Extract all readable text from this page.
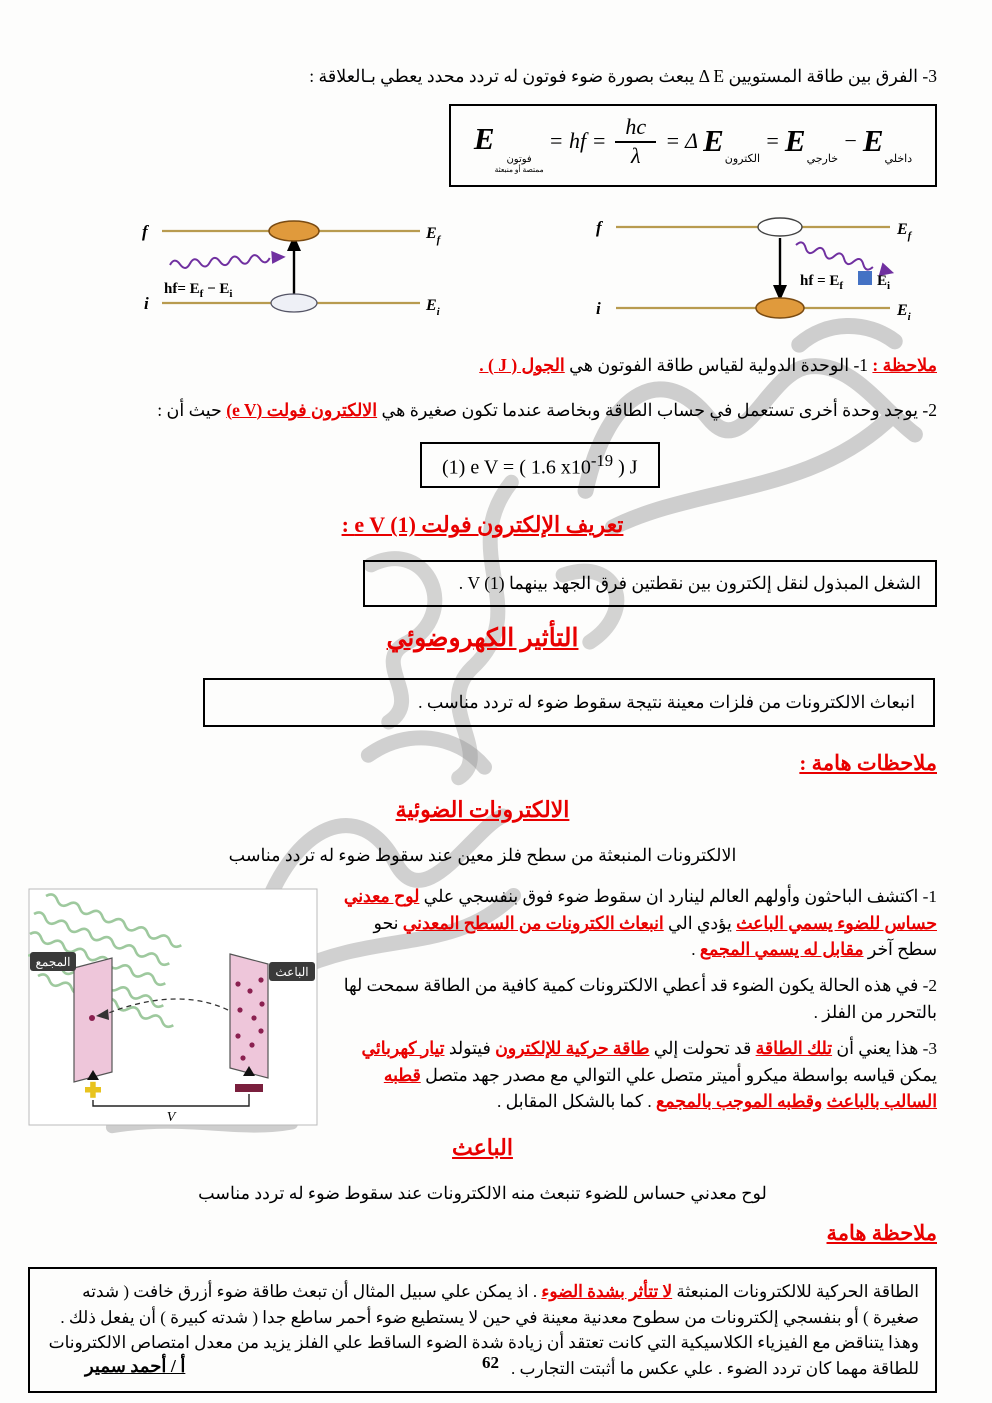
3- الفرق بين طاقة المستويين Δ E يبعث بصورة ضوء فوتون له تردد محدد يعطي بـالعلاقة :

E
فوتون
ممتصة أو منبعثة
= hf = $\frac{hc}{\lambda} = \Delta$ E
الكترون
= E
خارجي
− E
داخلي
f	$E_f$
i	$E_i$
$hf= E_f - E_i$
f	$E_f$
i	$E_i$
hf = $E_f$ $E_i$

ملاحظة : 1- الوحدة الدولية لقياس طاقة الفوتون هي الجول ( J ) .

2- يوجد وحدة أخرى تستعمل في حساب الطاقة وبخاصة عندما تكون صغيرة هي الالكترون فولت (e V) حيث أن :

(1) e V = ( 1.6 $x10^{-19}$ ) J
تعريف الإلكترون فولت e V (1) :
الشغل المبذول لنقل إلكترون بين نقطتين فرق الجهد بينهما V (1) .
التأثير الكهروضوئي
انبعاث الالكترونات من فلزات معينة نتيجة سقوط ضوء له تردد مناسب .
ملاحظات هامة :
الالكترونات الضوئية

الالكترونات المنبعثة من سطح فلز معين عند سقوط ضوء له تردد مناسب

المجمع
الباعث
V

1- اكتشف الباحثون وأولهم العالم لينارد ان سقوط ضوء فوق بنفسجي علي لوح معدني حساس للضوء يسمي الباعث يؤدي الي انبعاث الكترونات من السطح المعدني نحو سطح آخر مقابل له يسمي المجمع .

2- في هذه الحالة يكون الضوء قد أعطي الالكترونات كمية كافية من الطاقة سمحت لها بالتحرر من الفلز .

3- هذا يعني أن تلك الطاقة قد تحولت إلي طاقة حركية للإلكترون فيتولد تيار كهربائي يمكن قياسه بواسطة ميكرو أميتر متصل علي التوالي مع مصدر جهد متصل قطبه السالب بالباعث وقطبه الموجب بالمجمع . كما بالشكل المقابل .

الباعث

لوح معدني حساس للضوء تنبعث منه الالكترونات عند سقوط ضوء له تردد مناسب

ملاحظة هامة
الطاقة الحركية للالكترونات المنبعثة لا تتأثر بشدة الضوء . اذ يمكن علي سبيل المثال أن تبعث طاقة ضوء أزرق خافت ( شدته صغيرة ) أو بنفسجي إلكترونات من سطوح معدنية معينة في حين لا يستطيع ضوء أحمر ساطع جدا ( شدته كبيرة ) أن يفعل ذلك . وهذا يتناقض مع الفيزياء الكلاسيكية التي كانت تعتقد أن زيادة شدة الضوء الساقط علي الفلز يزيد من معدل امتصاص الالكترونات للطاقة مهما كان تردد الضوء . علي عكس ما أثبتت التجارب .
62
أ / أحمد سمير
